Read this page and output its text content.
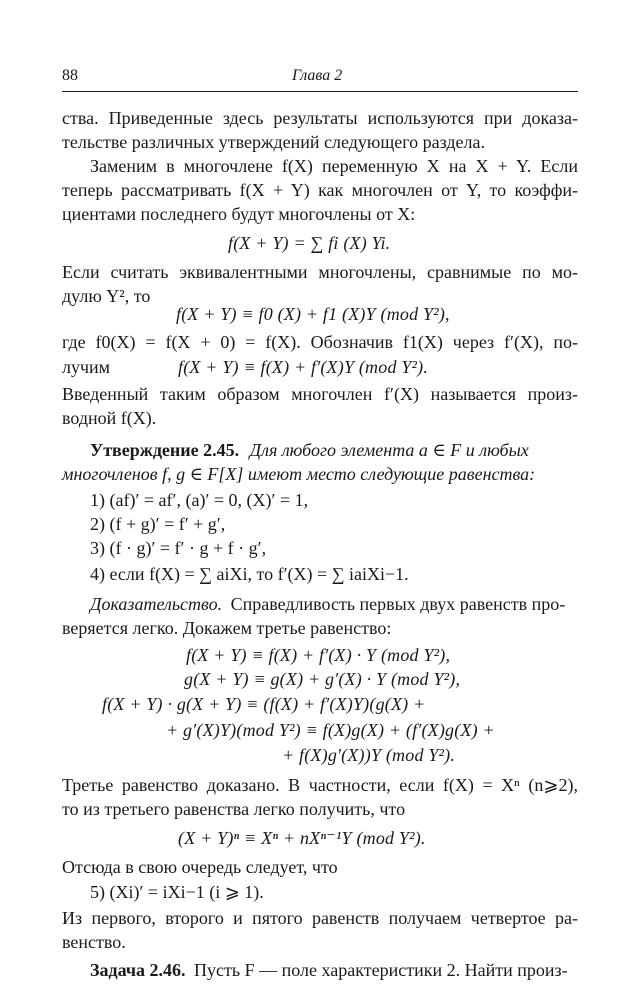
88	Глава 2
ства. Приведенные здесь результаты используются при доказа-
тельстве различных утверждений следующего раздела.
Заменим в многочлене f(X) переменную X на X + Y. Если
теперь рассматривать f(X + Y) как многочлен от Y, то коэффи-
циентами последнего будут многочлены от X:
f(X + Y) = ∑ fi (X) Yi.
Если считать эквивалентными многочлены, сравнимые по мо-
дулю Y², то
f(X + Y) ≡ f0 (X) + f1 (X)Y (mod Y²),
где f0(X) = f(X + 0) = f(X). Обозначив f1(X) через f′(X), по-
лучим	f(X + Y) ≡ f(X) + f′(X)Y (mod Y²).
Введенный таким образом многочлен f′(X) называется произ-
водной f(X).
Утверждение 2.45. Для любого элемента a ∈ F и любых
многочленов f, g ∈ F[X] имеют место следующие равенства:
1) (af)′ = af′, (a)′ = 0, (X)′ = 1,
2) (f + g)′ = f′ + g′,
3) (f · g)′ = f′ · g + f · g′,
4) если f(X) = ∑ aiXi, то f′(X) = ∑ iaiXi−1.
Доказательство. Справедливость первых двух равенств про-
веряется легко. Докажем третье равенство:
f(X + Y) ≡ f(X) + f′(X) · Y (mod Y²),
g(X + Y) ≡ g(X) + g′(X) · Y (mod Y²),
f(X + Y) · g(X + Y) ≡ (f(X) + f′(X)Y)(g(X) +
+ g′(X)Y)(mod Y²) ≡ f(X)g(X) + (f′(X)g(X) +
+ f(X)g′(X))Y (mod Y²).
Третье равенство доказано. В частности, если f(X) = Xⁿ (n⩾2),
то из третьего равенства легко получить, что
(X + Y)ⁿ ≡ Xⁿ + nXⁿ⁻¹Y (mod Y²).
Отсюда в свою очередь следует, что
5) (Xi)′ = iXi−1 (i ⩾ 1).
Из первого, второго и пятого равенств получаем четвертое ра-
венство.
Задача 2.46. Пусть F — поле характеристики 2. Найти произ-
